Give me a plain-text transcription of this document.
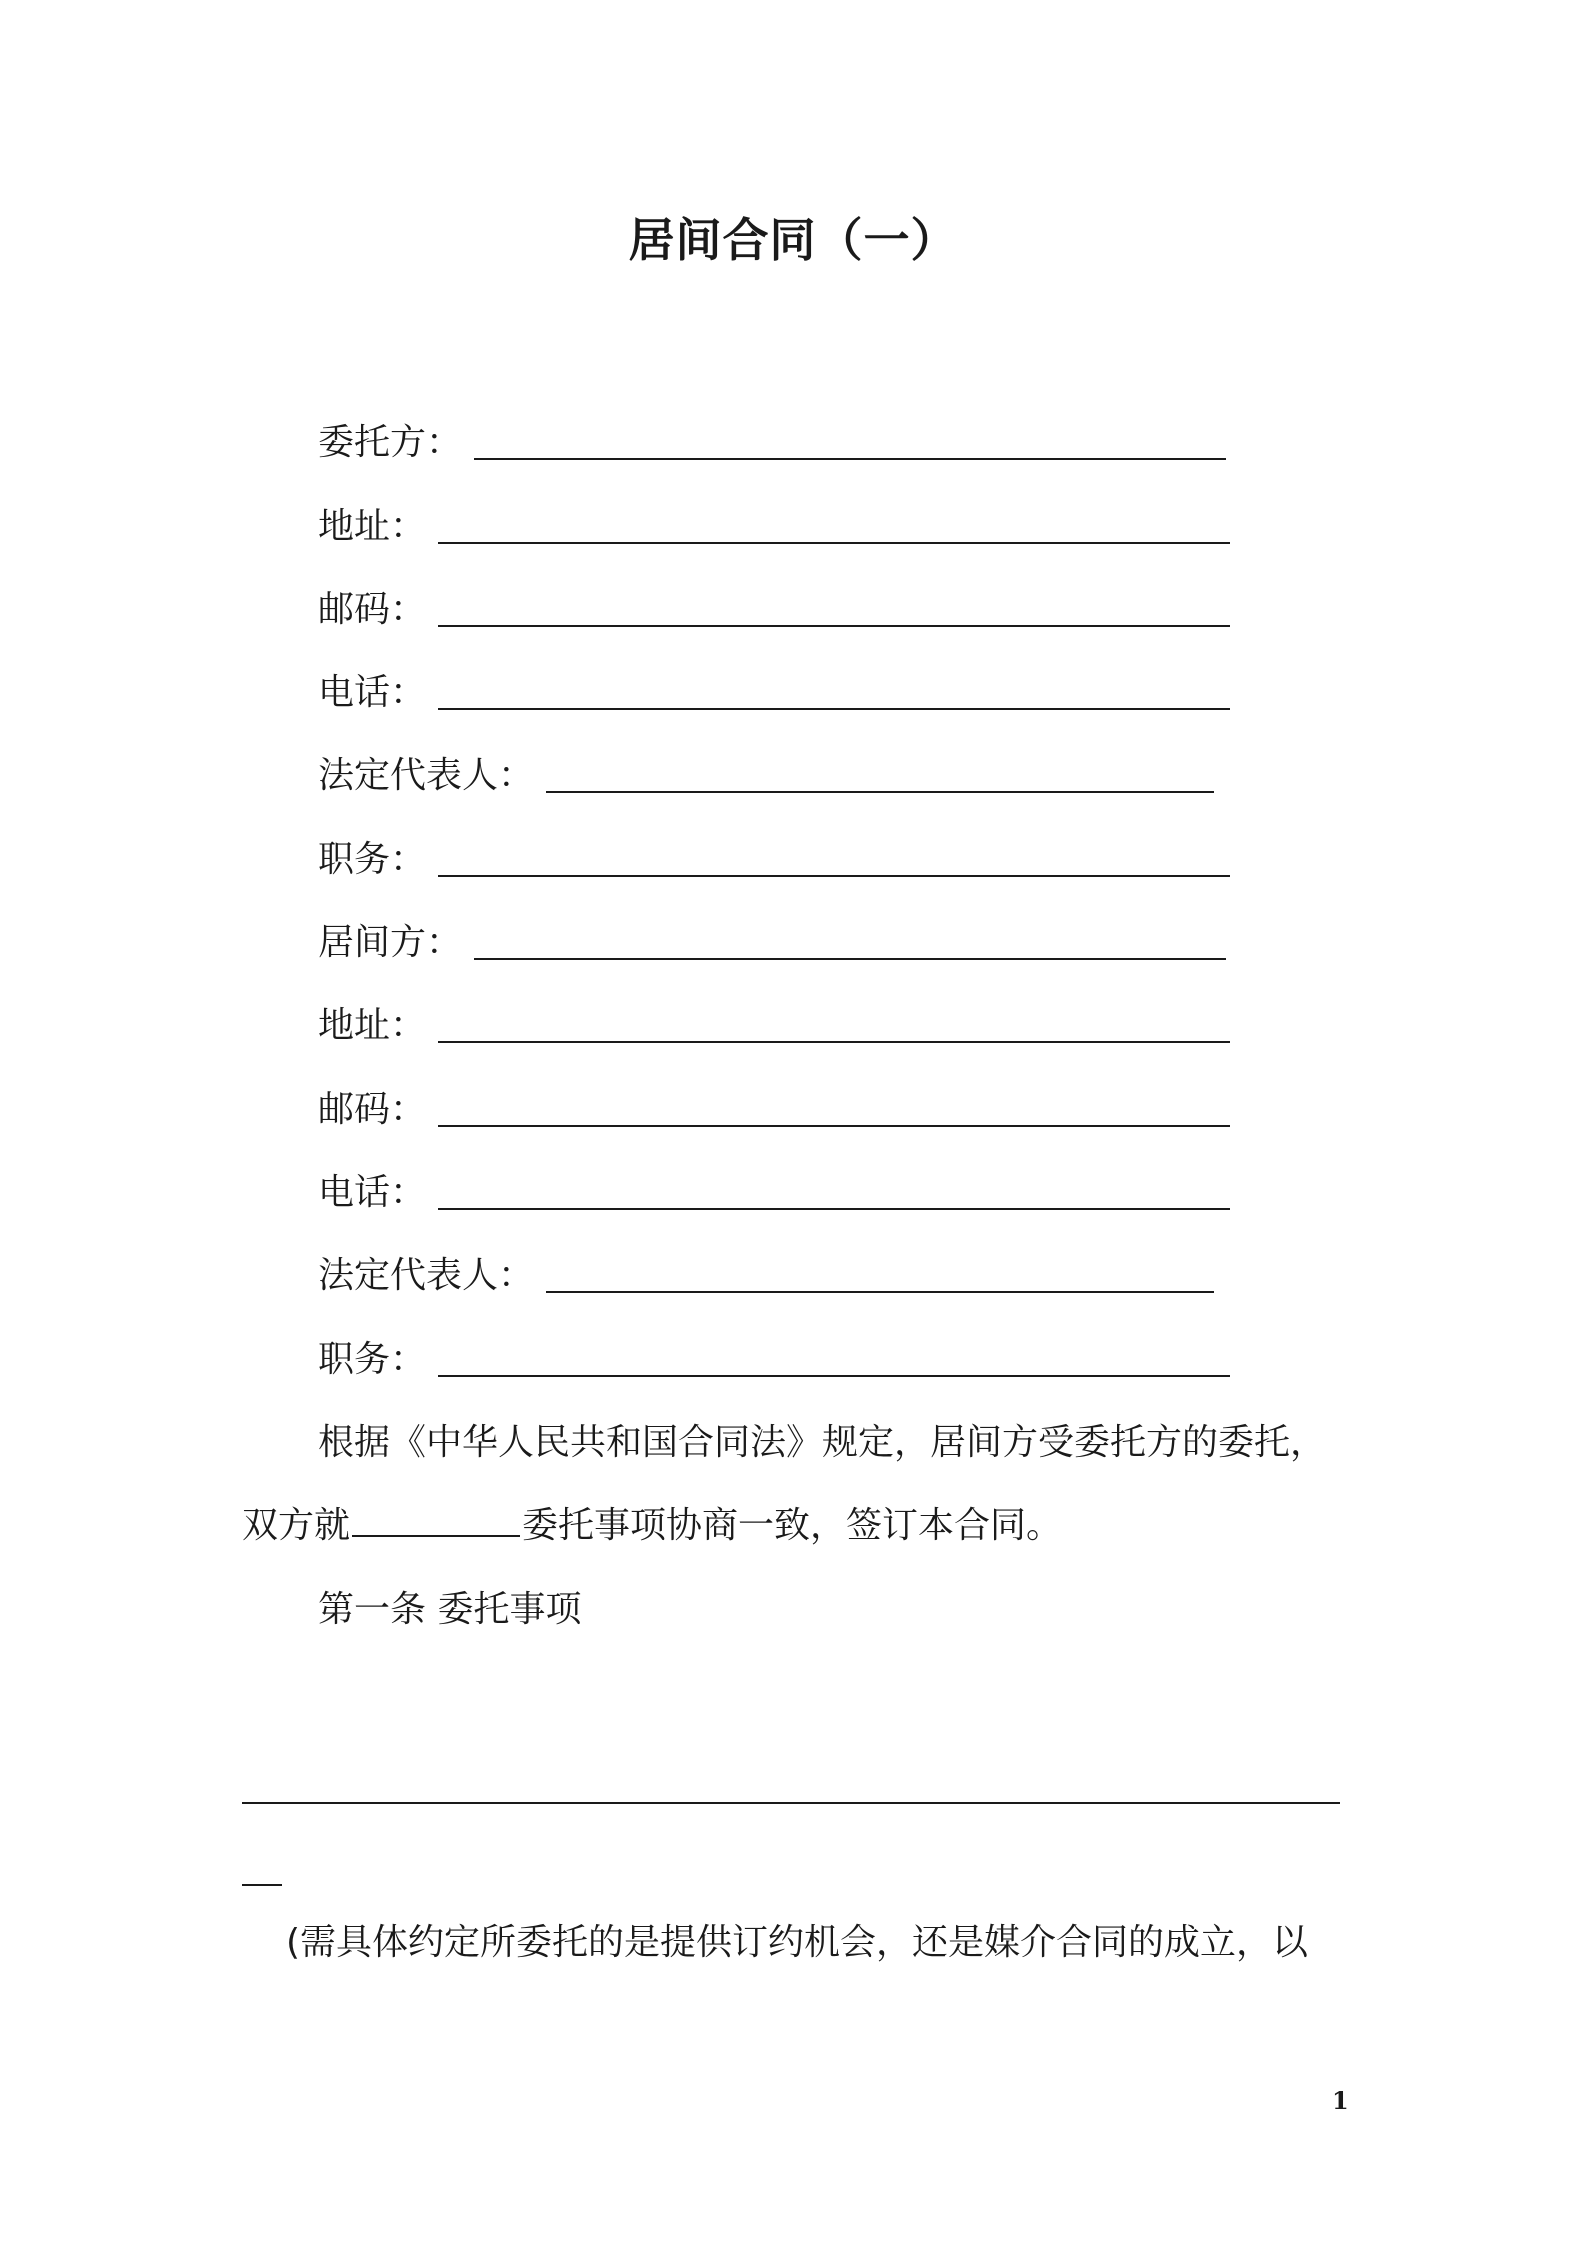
居间合同（一）
委托方：
地址：
邮码：
电话：
法定代表人：
职务：
居间方：
地址：
邮码：
电话：
法定代表人：
职务：
根据《中华人民共和国合同法》规定，居间方受委托方的委托，
双方就	委托事项协商一致，签订本合同。
第一条 委托事项
(需具体约定所委托的是提供订约机会，还是媒介合同的成立，以
1
